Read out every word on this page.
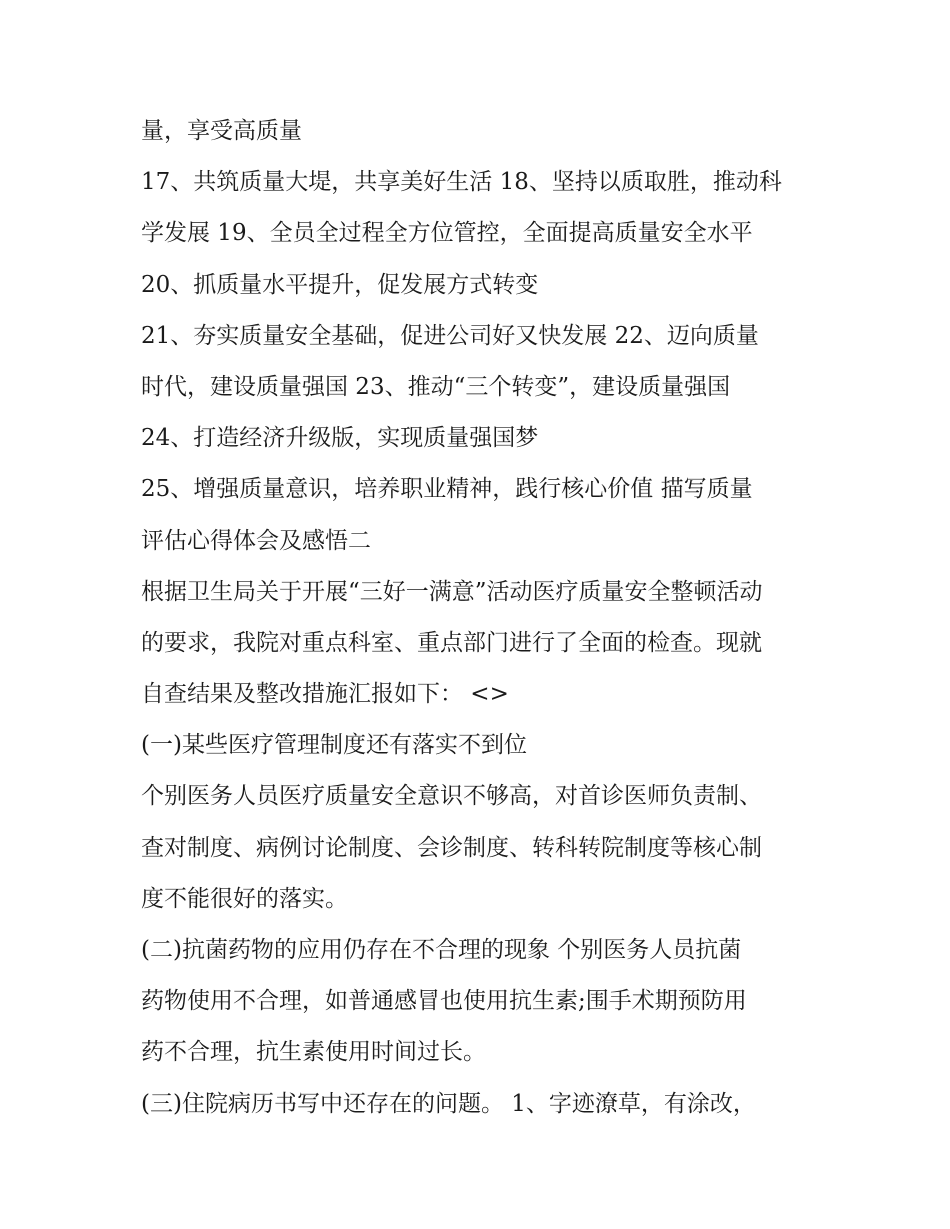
量，享受高质量
17、共筑质量大堤，共享美好生活 18、坚持以质取胜，推动科
学发展 19、全员全过程全方位管控，全面提高质量安全水平
20、抓质量水平提升，促发展方式转变
21、夯实质量安全基础，促进公司好又快发展 22、迈向质量
时代，建设质量强国 23、推动“三个转变”，建设质量强国
24、打造经济升级版，实现质量强国梦
25、增强质量意识，培养职业精神，践行核心价值 描写质量
评估心得体会及感悟二
根据卫生局关于开展“三好一满意”活动医疗质量安全整顿活动
的要求，我院对重点科室、重点部门进行了全面的检查。现就
自查结果及整改措施汇报如下： <>
(一)某些医疗管理制度还有落实不到位
个别医务人员医疗质量安全意识不够高，对首诊医师负责制、
查对制度、病例讨论制度、会诊制度、转科转院制度等核心制
度不能很好的落实。
(二)抗菌药物的应用仍存在不合理的现象 个别医务人员抗菌
药物使用不合理，如普通感冒也使用抗生素;围手术期预防用
药不合理，抗生素使用时间过长。
(三)住院病历书写中还存在的问题。 1、字迹潦草，有涂改，
